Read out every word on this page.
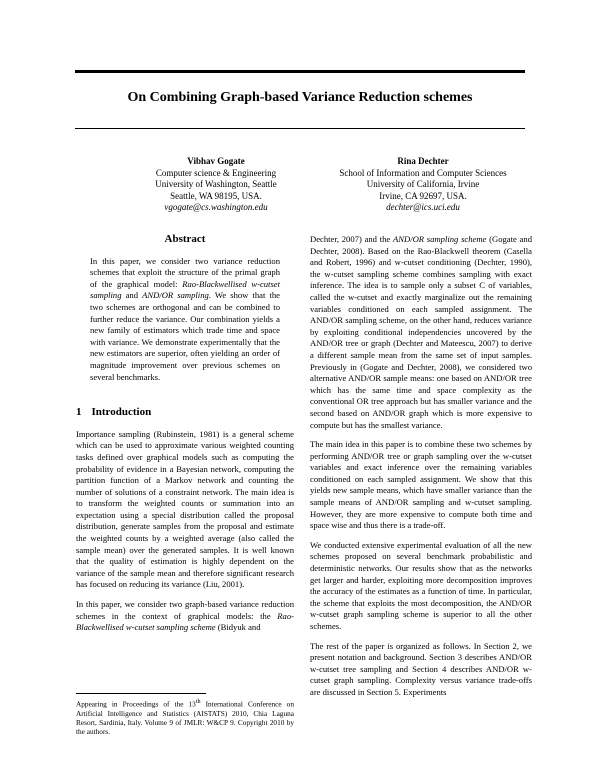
On Combining Graph-based Variance Reduction schemes
Vibhav Gogate
Computer science & Engineering
University of Washington, Seattle
Seattle, WA 98195, USA.
vgogate@cs.washington.edu
Rina Dechter
School of Information and Computer Sciences
University of California, Irvine
Irvine, CA 92697, USA.
dechter@ics.uci.edu
Abstract

In this paper, we consider two variance reduction schemes that exploit the structure of the primal graph of the graphical model: Rao-Blackwellised w-cutset sampling and AND/OR sampling. We show that the two schemes are orthogonal and can be combined to further reduce the variance. Our combination yields a new family of estimators which trade time and space with variance. We demonstrate experimentally that the new estimators are superior, often yielding an order of magnitude improvement over previous schemes on several benchmarks.

1 Introduction

Importance sampling (Rubinstein, 1981) is a general scheme which can be used to approximate various weighted counting tasks defined over graphical models such as computing the probability of evidence in a Bayesian network, computing the partition function of a Markov network and counting the number of solutions of a constraint network. The main idea is to transform the weighted counts or summation into an expectation using a special distribution called the proposal distribution, generate samples from the proposal and estimate the weighted counts by a weighted average (also called the sample mean) over the generated samples. It is well known that the quality of estimation is highly dependent on the variance of the sample mean and therefore significant research has focused on reducing its variance (Liu, 2001).

In this paper, we consider two graph-based variance reduction schemes in the context of graphical models: the Rao-Blackwellised w-cutset sampling scheme (Bidyuk and

Dechter, 2007) and the AND/OR sampling scheme (Gogate and Dechter, 2008). Based on the Rao-Blackwell theorem (Casella and Robert, 1996) and w-cutset conditioning (Dechter, 1990), the w-cutset sampling scheme combines sampling with exact inference. The idea is to sample only a subset C of variables, called the w-cutset and exactly marginalize out the remaining variables conditioned on each sampled assignment. The AND/OR sampling scheme, on the other hand, reduces variance by exploiting conditional independencies uncovered by the AND/OR tree or graph (Dechter and Mateescu, 2007) to derive a different sample mean from the same set of input samples. Previously in (Gogate and Dechter, 2008), we considered two alternative AND/OR sample means: one based on AND/OR tree which has the same time and space complexity as the conventional OR tree approach but has smaller variance and the second based on AND/OR graph which is more expensive to compute but has the smallest variance.

The main idea in this paper is to combine these two schemes by performing AND/OR tree or graph sampling over the w-cutset variables and exact inference over the remaining variables conditioned on each sampled assignment. We show that this yields new sample means, which have smaller variance than the sample means of AND/OR sampling and w-cutset sampling. However, they are more expensive to compute both time and space wise and thus there is a trade-off.

We conducted extensive experimental evaluation of all the new schemes proposed on several benchmark probabilistic and deterministic networks. Our results show that as the networks get larger and harder, exploiting more decomposition improves the accuracy of the estimates as a function of time. In particular, the scheme that exploits the most decomposition, the AND/OR w-cutset graph sampling scheme is superior to all the other schemes.

The rest of the paper is organized as follows. In Section 2, we present notation and background. Section 3 describes AND/OR w-cutset tree sampling and Section 4 describes AND/OR w-cutset graph sampling. Complexity versus variance trade-offs are discussed in Section 5. Experiments

Appearing in Proceedings of the 13th International Conference on Artificial Intelligence and Statistics (AISTATS) 2010, Chia Laguna Resort, Sardinia, Italy. Volume 9 of JMLR: W&CP 9. Copyright 2010 by the authors.
